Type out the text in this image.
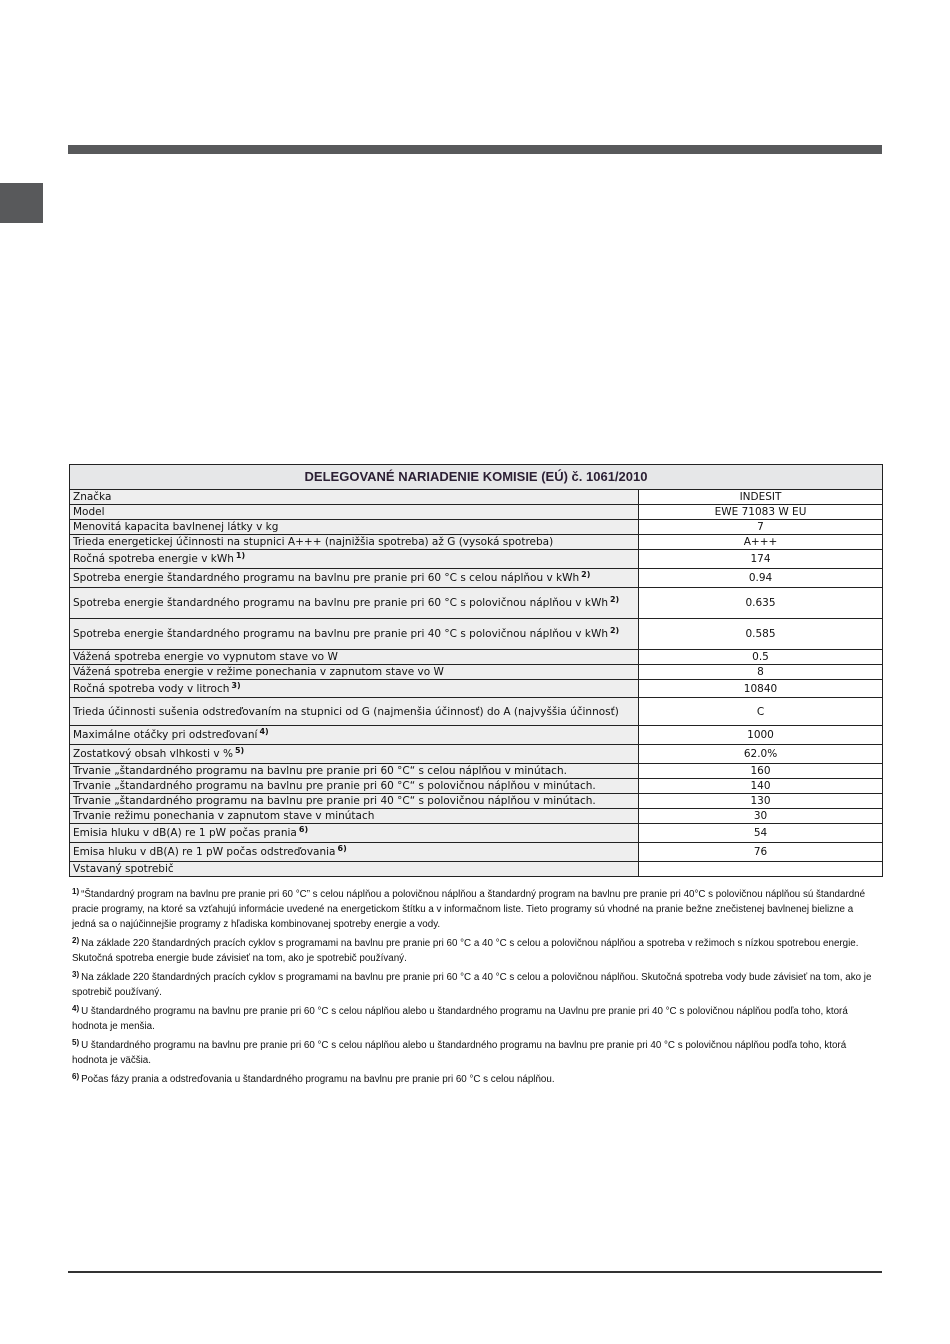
DELEGOVANÉ NARIADENIE KOMISIE (EÚ) č. 1061/2010	
Značka	INDESIT
Model	EWE 71083 W EU
Menovitá kapacita bavlnenej látky v kg	7
Trieda energetickej účinnosti na stupnici A+++ (najnižšia spotreba) až G (vysoká spotreba)	A+++
Ročná spotreba energie v kWh $^{1)}$	174
Spotreba energie štandardného programu na bavlnu pre pranie pri 60 °C s celou náplňou v kWh $^{2)}$	0.94
Spotreba energie štandardného programu na bavlnu pre pranie pri 60 °C s polovičnou náplňou v kWh $^{2)}$	0.635
Spotreba energie štandardného programu na bavlnu pre pranie pri 40 °C s polovičnou náplňou v kWh $^{2)}$	0.585
Vážená spotreba energie vo vypnutom stave vo W	0.5
Vážená spotreba energie v režime ponechania v zapnutom stave vo W	8
Ročná spotreba vody v litroch $^{3)}$	10840
Trieda účinnosti sušenia odstreďovaním na stupnici od G (najmenšia účinnosť) do A (najvyššia účinnosť)	C
Maximálne otáčky pri odstreďovaní $^{4)}$	1000
Zostatkový obsah vlhkosti v % $^{5)}$	62.0%
Trvanie „štandardného programu na bavlnu pre pranie pri 60 °C“ s celou náplňou v minútach.	160
Trvanie „štandardného programu na bavlnu pre pranie pri 60 °C“ s polovičnou náplňou v minútach.	140
Trvanie „štandardného programu na bavlnu pre pranie pri 40 °C“ s polovičnou náplňou v minútach.	130
Trvanie režimu ponechania v zapnutom stave v minútach	30
Emisia hluku v dB(A) re 1 pW počas prania $^{6)}$	54
Emisa hluku v dB(A) re 1 pW počas odstreďovania $^{6)}$	76
Vstavaný spotrebič	

$^{1)}$ “Štandardný program na bavlnu pre pranie pri 60 °C” s celou náplňou a polovičnou náplňou a štandardný program na bavlnu pre pranie pri 40°C s polovičnou náplňou sú štandardné pracie programy, na ktoré sa vzťahujú informácie uvedené na energetickom štítku a v informačnom liste. Tieto programy sú vhodné na pranie bežne znečistenej bavlnenej bielizne a jedná sa o najúčinnejšie programy z hľadiska kombinovanej spotreby energie a vody.

$^{2)}$ Na základe 220 štandardných pracích cyklov s programami na bavlnu pre pranie pri 60 °C a 40 °C s celou a polovičnou náplňou a spotreba v režimoch s nízkou spotrebou energie. Skutočná spotreba energie bude závisieť na tom, ako je spotrebič používaný.

$^{3)}$ Na základe 220 štandardných pracích cyklov s programami na bavlnu pre pranie pri 60 °C a 40 °C s celou a polovičnou náplňou. Skutočná spotreba vody bude závisieť na tom, ako je spotrebič používaný.

$^{4)}$ U štandardného programu na bavlnu pre pranie pri 60 °C s celou náplňou alebo u štandardného programu na Uavlnu pre pranie pri 40 °C s polovičnou náplňou podľa toho, ktorá hodnota je menšia.

$^{5)}$ U štandardného programu na bavlnu pre pranie pri 60 °C s celou náplňou alebo u štandardného programu na bavlnu pre pranie pri 40 °C s polovičnou náplňou podľa toho, ktorá hodnota je väčšia.

$^{6)}$ Počas fázy prania a odstreďovania u štandardného programu na bavlnu pre pranie pri 60 °C s celou náplňou.
